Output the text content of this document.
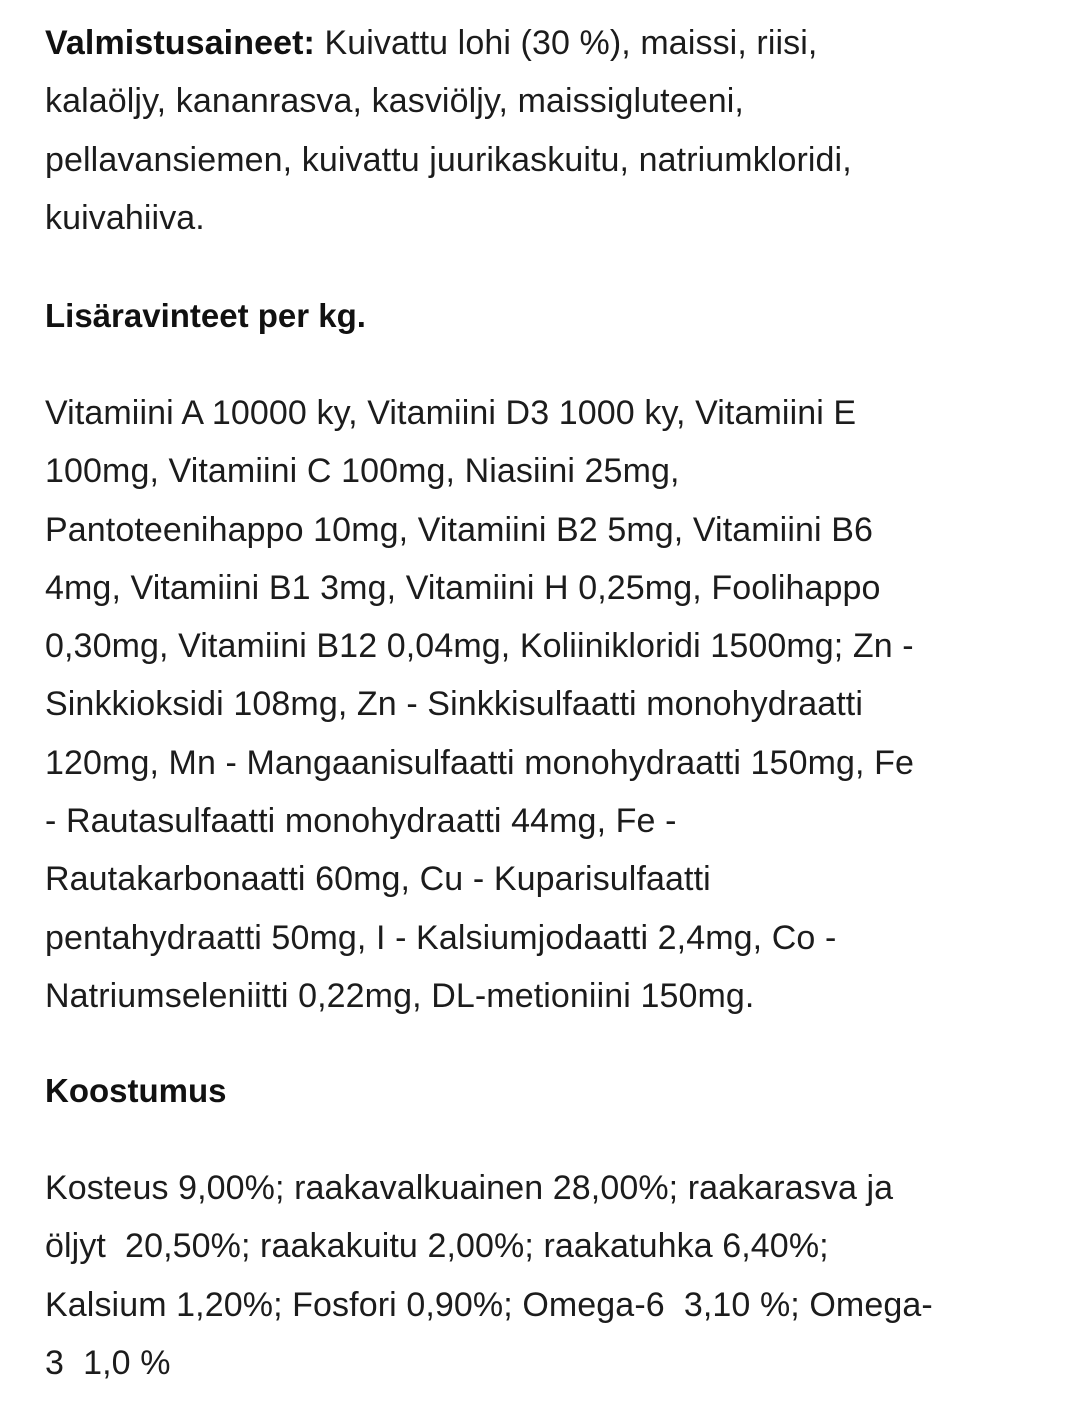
Valmistusaineet: Kuivattu lohi (30 %), maissi, riisi,
kalaöljy, kananrasva, kasviöljy, maissigluteeni,
pellavansiemen, kuivattu juurikaskuitu, natriumkloridi,
kuivahiiva.

Lisäravinteet per kg.

Vitamiini A 10000 ky, Vitamiini D3 1000 ky, Vitamiini E
100mg, Vitamiini C 100mg, Niasiini 25mg,
Pantoteenihappo 10mg, Vitamiini B2 5mg, Vitamiini B6
4mg, Vitamiini B1 3mg, Vitamiini H 0,25mg, Foolihappo
0,30mg, Vitamiini B12 0,04mg, Koliinikloridi 1500mg; Zn -
Sinkkioksidi 108mg, Zn - Sinkkisulfaatti monohydraatti
120mg, Mn - Mangaanisulfaatti monohydraatti 150mg, Fe
- Rautasulfaatti monohydraatti 44mg, Fe -
Rautakarbonaatti 60mg, Cu - Kuparisulfaatti
pentahydraatti 50mg, I - Kalsiumjodaatti 2,4mg, Co -
Natriumseleniitti 0,22mg, DL-metioniini 150mg.

Koostumus

Kosteus 9,00%; raakavalkuainen 28,00%; raakarasva ja
öljyt  20,50%; raakakuitu 2,00%; raakatuhka 6,40%;
Kalsium 1,20%; Fosfori 0,90%; Omega-6  3,10 %; Omega-
3  1,0 %
